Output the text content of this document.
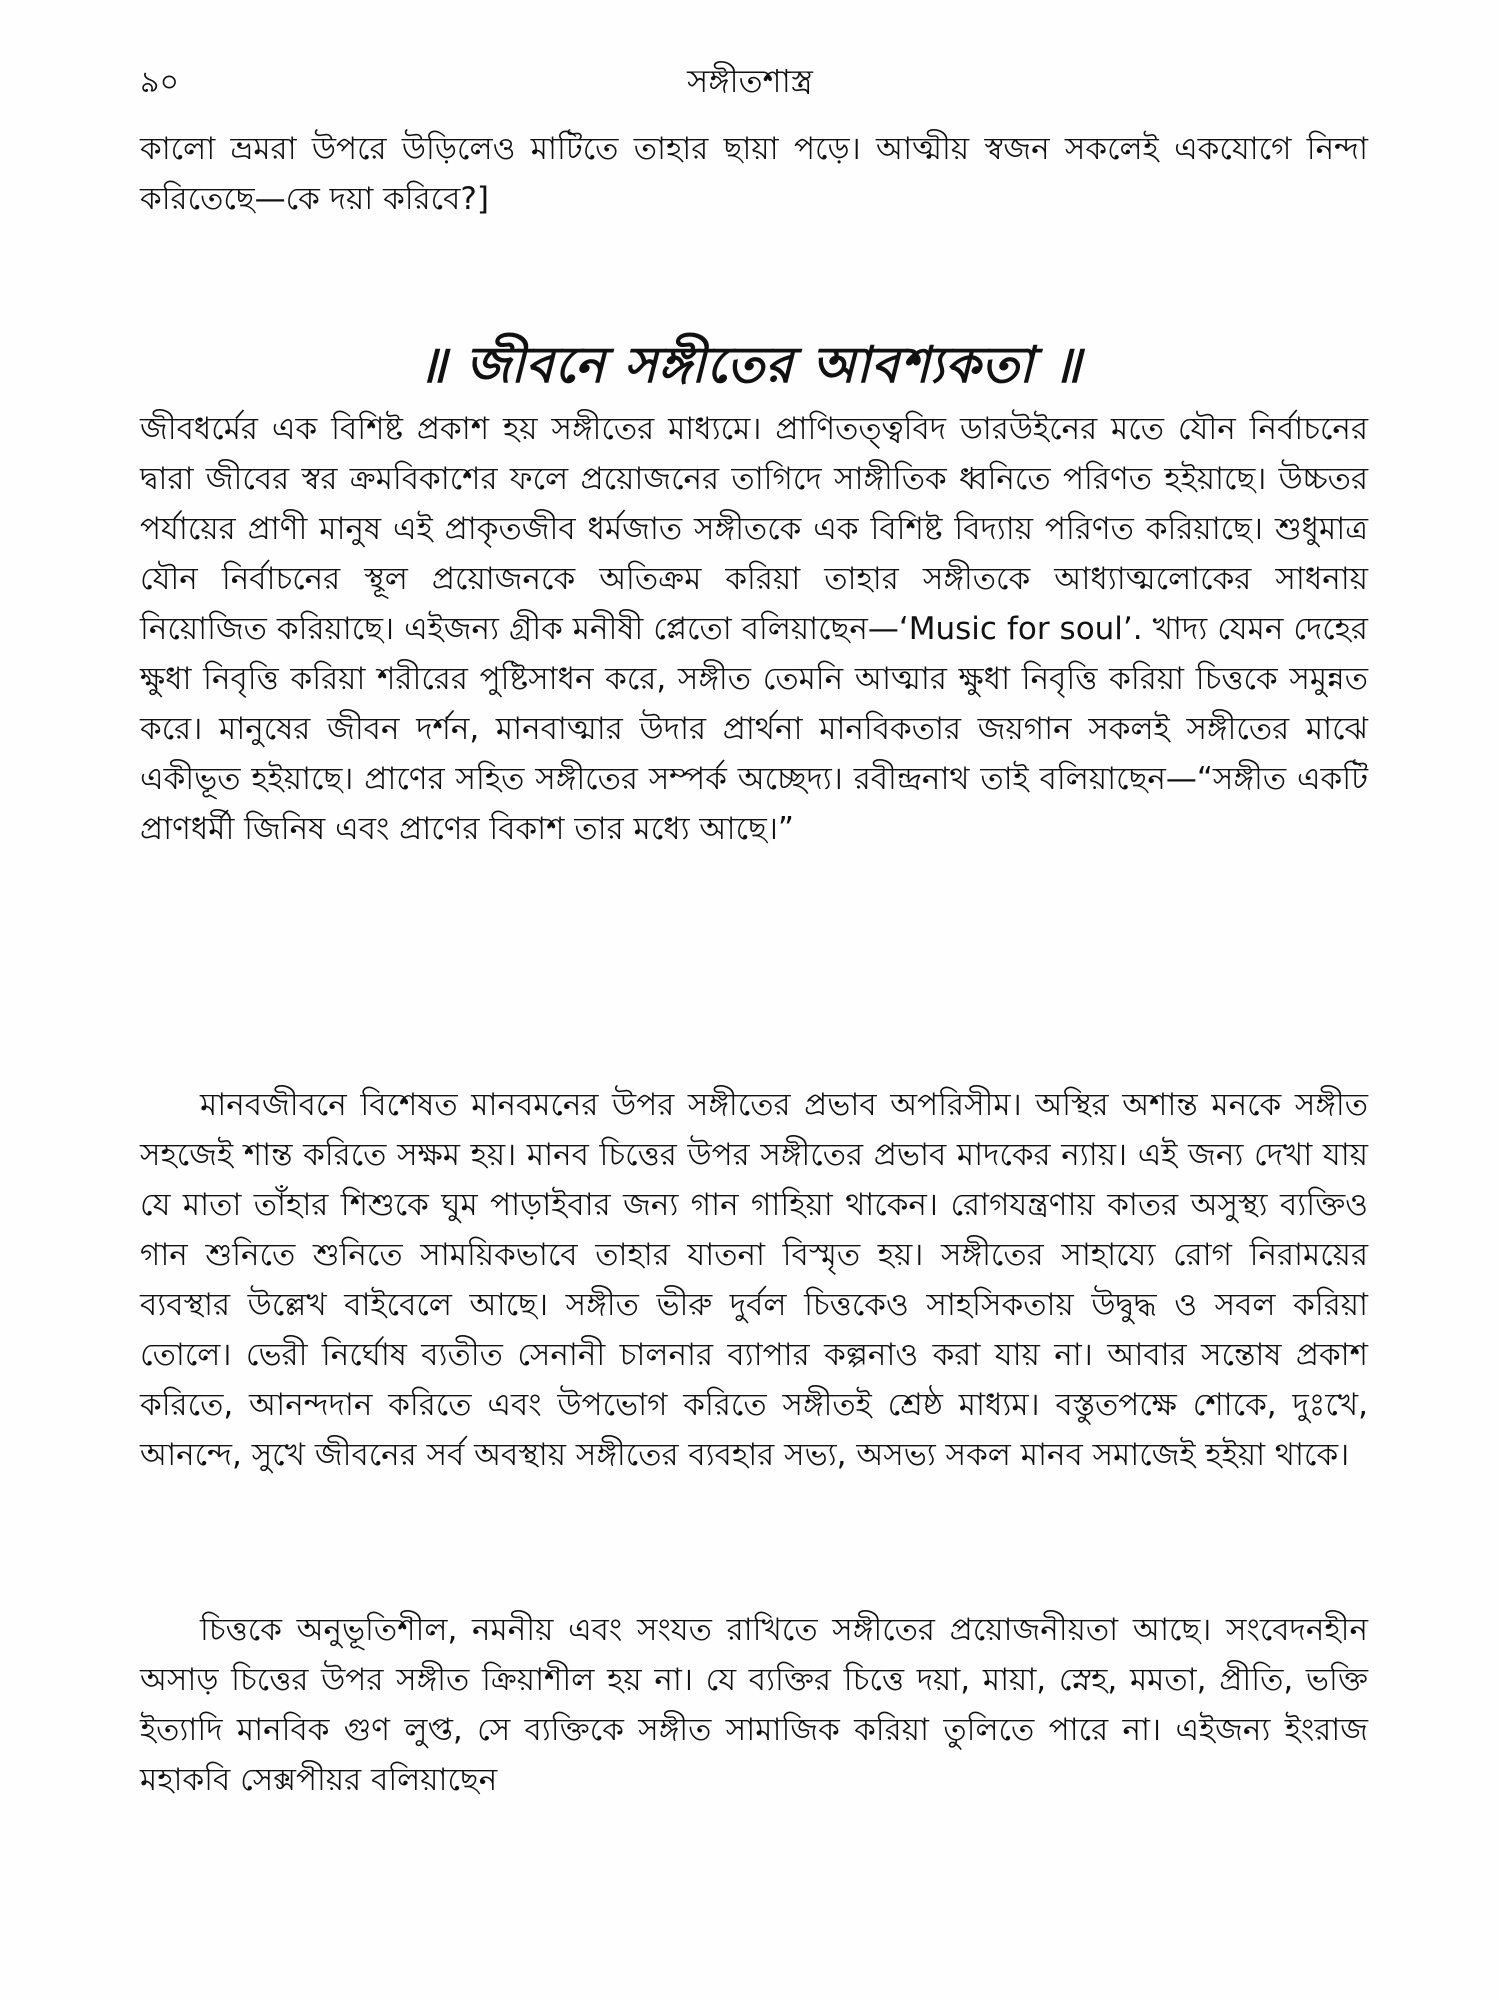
৯০	সঙ্গীতশাস্ত্র

কালো ভ্রমরা উপরে উড়িলেও মাটিতে তাহার ছায়া পড়ে। আত্মীয় স্বজন সকলেই একযোগে নিন্দা করিতেছে—কে দয়া করিবে?]

॥ জীবনে সঙ্গীতের আবশ্যকতা ॥

জীবধর্মের এক বিশিষ্ট প্রকাশ হয় সঙ্গীতের মাধ্যমে। প্রাণিতত্ত্ববিদ ডারউইনের মতে যৌন নির্বাচনের দ্বারা জীবের স্বর ক্রমবিকাশের ফলে প্রয়োজনের তাগিদে সাঙ্গীতিক ধ্বনিতে পরিণত হইয়াছে। উচ্চতর পর্যায়ের প্রাণী মানুষ এই প্রাকৃতজীব ধর্মজাত সঙ্গীতকে এক বিশিষ্ট বিদ্যায় পরিণত করিয়াছে। শুধুমাত্র যৌন নির্বাচনের স্থূল প্রয়োজনকে অতিক্রম করিয়া তাহার সঙ্গীতকে আধ্যাত্মলোকের সাধনায় নিয়োজিত করিয়াছে। এইজন্য গ্রীক মনীষী প্লেতো বলিয়াছেন—‘Music for soul’. খাদ্য যেমন দেহের ক্ষুধা নিবৃত্তি করিয়া শরীরের পুষ্টিসাধন করে, সঙ্গীত তেমনি আত্মার ক্ষুধা নিবৃত্তি করিয়া চিত্তকে সমুন্নত করে। মানুষের জীবন দর্শন, মানবাত্মার উদার প্রার্থনা মানবিকতার জয়গান সকলই সঙ্গীতের মাঝে একীভূত হইয়াছে। প্রাণের সহিত সঙ্গীতের সম্পর্ক অচ্ছেদ্য। রবীন্দ্রনাথ তাই বলিয়াছেন—“সঙ্গীত একটি প্রাণধর্মী জিনিষ এবং প্রাণের বিকাশ তার মধ্যে আছে।”

মানবজীবনে বিশেষত মানবমনের উপর সঙ্গীতের প্রভাব অপরিসীম। অস্থির অশান্ত মনকে সঙ্গীত সহজেই শান্ত করিতে সক্ষম হয়। মানব চিত্তের উপর সঙ্গীতের প্রভাব মাদকের ন্যায়। এই জন্য দেখা যায় যে মাতা তাঁহার শিশুকে ঘুম পাড়াইবার জন্য গান গাহিয়া থাকেন। রোগযন্ত্রণায় কাতর অসুস্থ্য ব্যক্তিও গান শুনিতে শুনিতে সাময়িকভাবে তাহার যাতনা বিস্মৃত হয়। সঙ্গীতের সাহায্যে রোগ নিরাময়ের ব্যবস্থার উল্লেখ বাইবেলে আছে। সঙ্গীত ভীরু দুর্বল চিত্তকেও সাহসিকতায় উদ্বুদ্ধ ও সবল করিয়া তোলে। ভেরী নির্ঘোষ ব্যতীত সেনানী চালনার ব্যাপার কল্পনাও করা যায় না। আবার সন্তোষ প্রকাশ করিতে, আনন্দদান করিতে এবং উপভোগ করিতে সঙ্গীতই শ্রেষ্ঠ মাধ্যম। বস্তুতপক্ষে শোকে, দুঃখে, আনন্দে, সুখে জীবনের সর্ব অবস্থায় সঙ্গীতের ব্যবহার সভ্য, অসভ্য সকল মানব সমাজেই হইয়া থাকে।

চিত্তকে অনুভূতিশীল, নমনীয় এবং সংযত রাখিতে সঙ্গীতের প্রয়োজনীয়তা আছে। সংবেদনহীন অসাড় চিত্তের উপর সঙ্গীত ক্রিয়াশীল হয় না। যে ব্যক্তির চিত্তে দয়া, মায়া, স্নেহ, মমতা, প্রীতি, ভক্তি ইত্যাদি মানবিক গুণ লুপ্ত, সে ব্যক্তিকে সঙ্গীত সামাজিক করিয়া তুলিতে পারে না। এইজন্য ইংরাজ মহাকবি সেক্সপীয়র বলিয়াছেন
